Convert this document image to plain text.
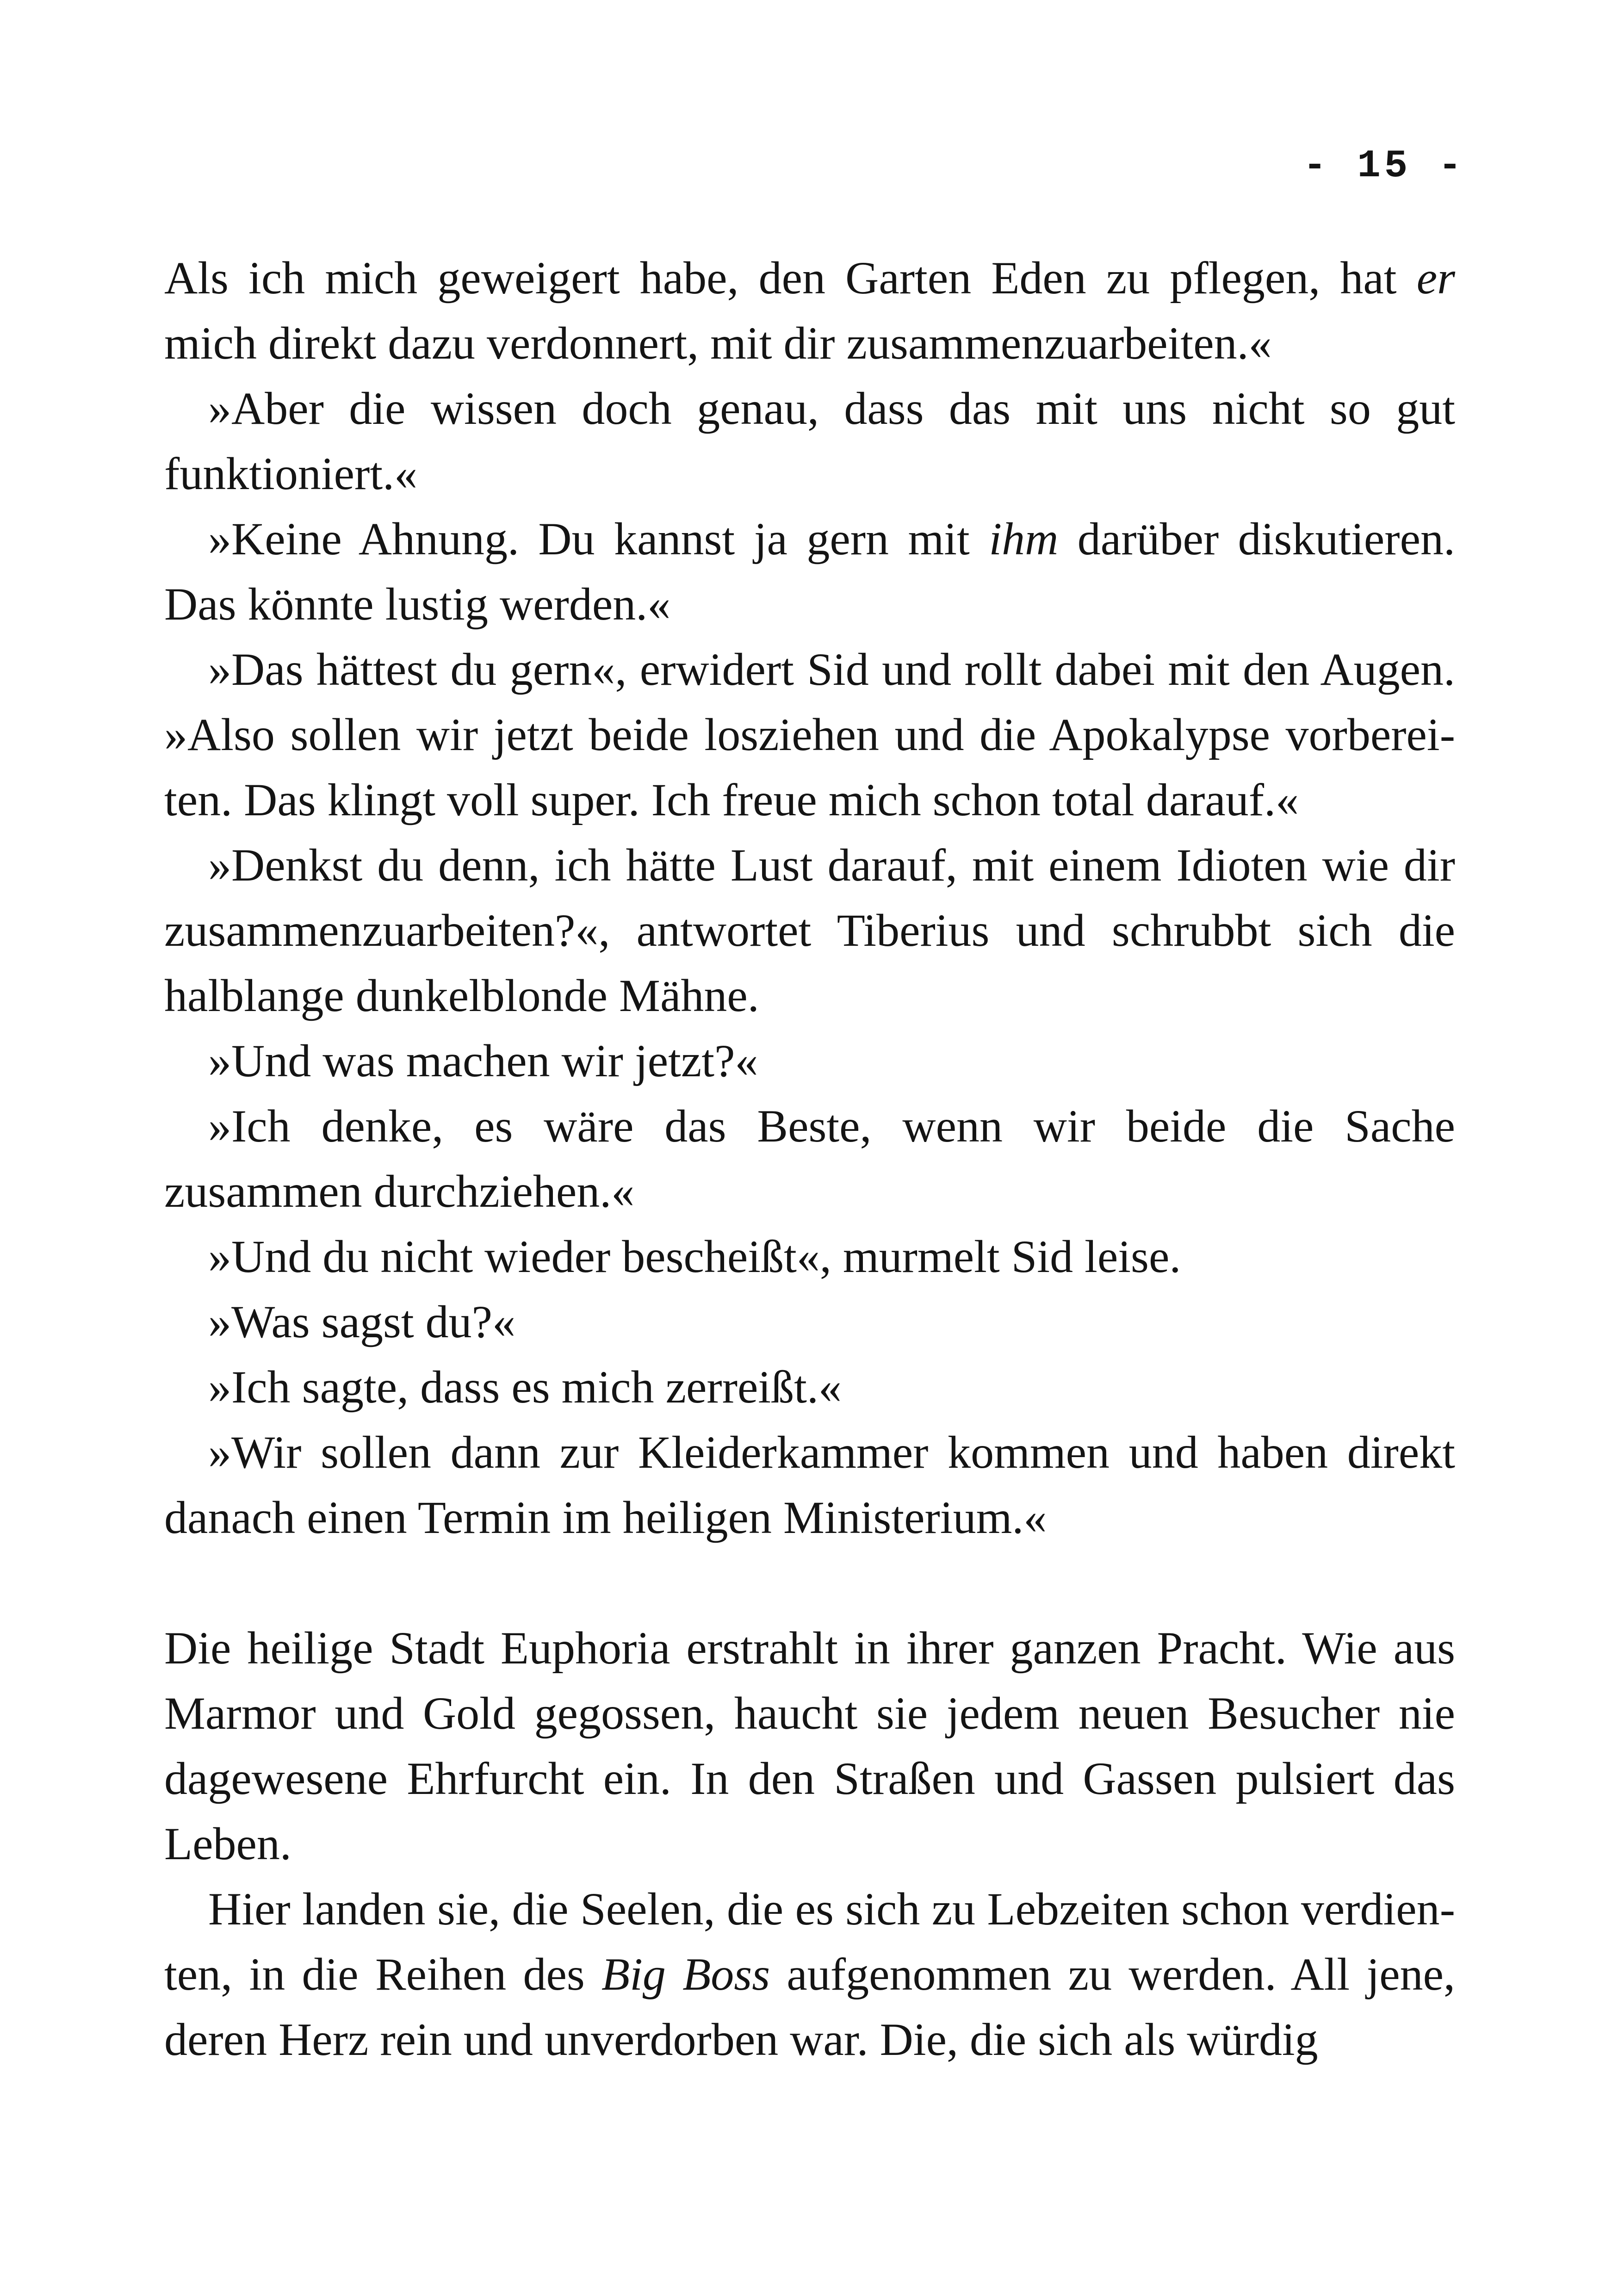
- 15 -

Als ich mich geweigert habe, den Garten Eden zu pflegen, hat er mich direkt dazu verdonnert, mit dir zusammenzuarbeiten.«

»Aber die wissen doch genau, dass das mit uns nicht so gut funktioniert.«

»Keine Ahnung. Du kannst ja gern mit ihm darüber diskutieren. Das könnte lustig werden.«

»Das hättest du gern«, erwidert Sid und rollt dabei mit den Augen. »Also sollen wir jetzt beide losziehen und die Apokalypse vorbereiten. Das klingt voll super. Ich freue mich schon total darauf.«

»Denkst du denn, ich hätte Lust darauf, mit einem Idioten wie dir zusammenzuarbeiten?«, antwortet Tiberius und schrubbt sich die halblange dunkelblonde Mähne.

»Und was machen wir jetzt?«

»Ich denke, es wäre das Beste, wenn wir beide die Sache zusammen durchziehen.«

»Und du nicht wieder bescheißt«, murmelt Sid leise.

»Was sagst du?«

»Ich sagte, dass es mich zerreißt.«

»Wir sollen dann zur Kleiderkammer kommen und haben direkt danach einen Termin im heiligen Ministerium.«

Die heilige Stadt Euphoria erstrahlt in ihrer ganzen Pracht. Wie aus Marmor und Gold gegossen, haucht sie jedem neuen Besucher nie dagewesene Ehrfurcht ein. In den Straßen und Gassen pulsiert das Leben.

Hier landen sie, die Seelen, die es sich zu Lebzeiten schon verdienten, in die Reihen des Big Boss aufgenommen zu werden. All jene, deren Herz rein und unverdorben war. Die, die sich als würdig
